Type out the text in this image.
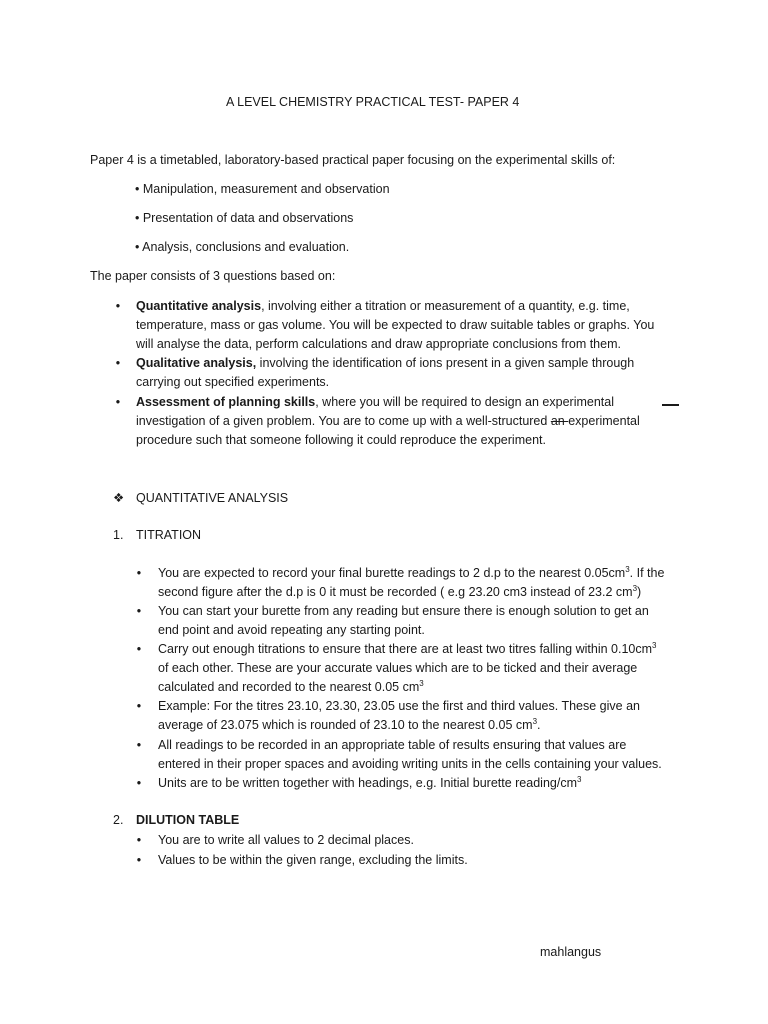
A LEVEL CHEMISTRY PRACTICAL TEST- PAPER 4
Paper 4 is a timetabled, laboratory-based practical paper focusing on the experimental skills of:
• Manipulation, measurement and observation
• Presentation of data and observations
• Analysis, conclusions and evaluation.
The paper consists of 3 questions based on:
• Quantitative analysis, involving either a titration or measurement of a quantity, e.g. time,
temperature, mass or gas volume. You will be expected to draw suitable tables or graphs. You
will analyse the data, perform calculations and draw appropriate conclusions from them.
• Qualitative analysis, involving the identification of ions present in a given sample through
carrying out specified experiments.
• Assessment of planning skills, where you will be required to design an experimental
investigation of a given problem. You are to come up with a well-structured an experimental
procedure such that someone following it could reproduce the experiment.
❖ QUANTITATIVE ANALYSIS
1. TITRATION
• You are expected to record your final burette readings to 2 d.p to the nearest $0.05cm^3$. If the
second figure after the d.p is 0 it must be recorded ( e.g 23.20 cm3 instead of 23.2 $cm^3$)
• You can start your burette from any reading but ensure there is enough solution to get an
end point and avoid repeating any starting point.
• Carry out enough titrations to ensure that there are at least two titres falling within $0.10cm^3$
of each other. These are your accurate values which are to be ticked and their average
calculated and recorded to the nearest 0.05 $cm^3$
• Example: For the titres 23.10, 23.30, 23.05 use the first and third values. These give an
average of 23.075 which is rounded of 23.10 to the nearest 0.05 $cm^3$.
• All readings to be recorded in an appropriate table of results ensuring that values are
entered in their proper spaces and avoiding writing units in the cells containing your values.
• Units are to be written together with headings, e.g. Initial burette reading/$cm^3$
2. DILUTION TABLE
• You are to write all values to 2 decimal places.
• Values to be within the given range, excluding the limits.
mahlangus
